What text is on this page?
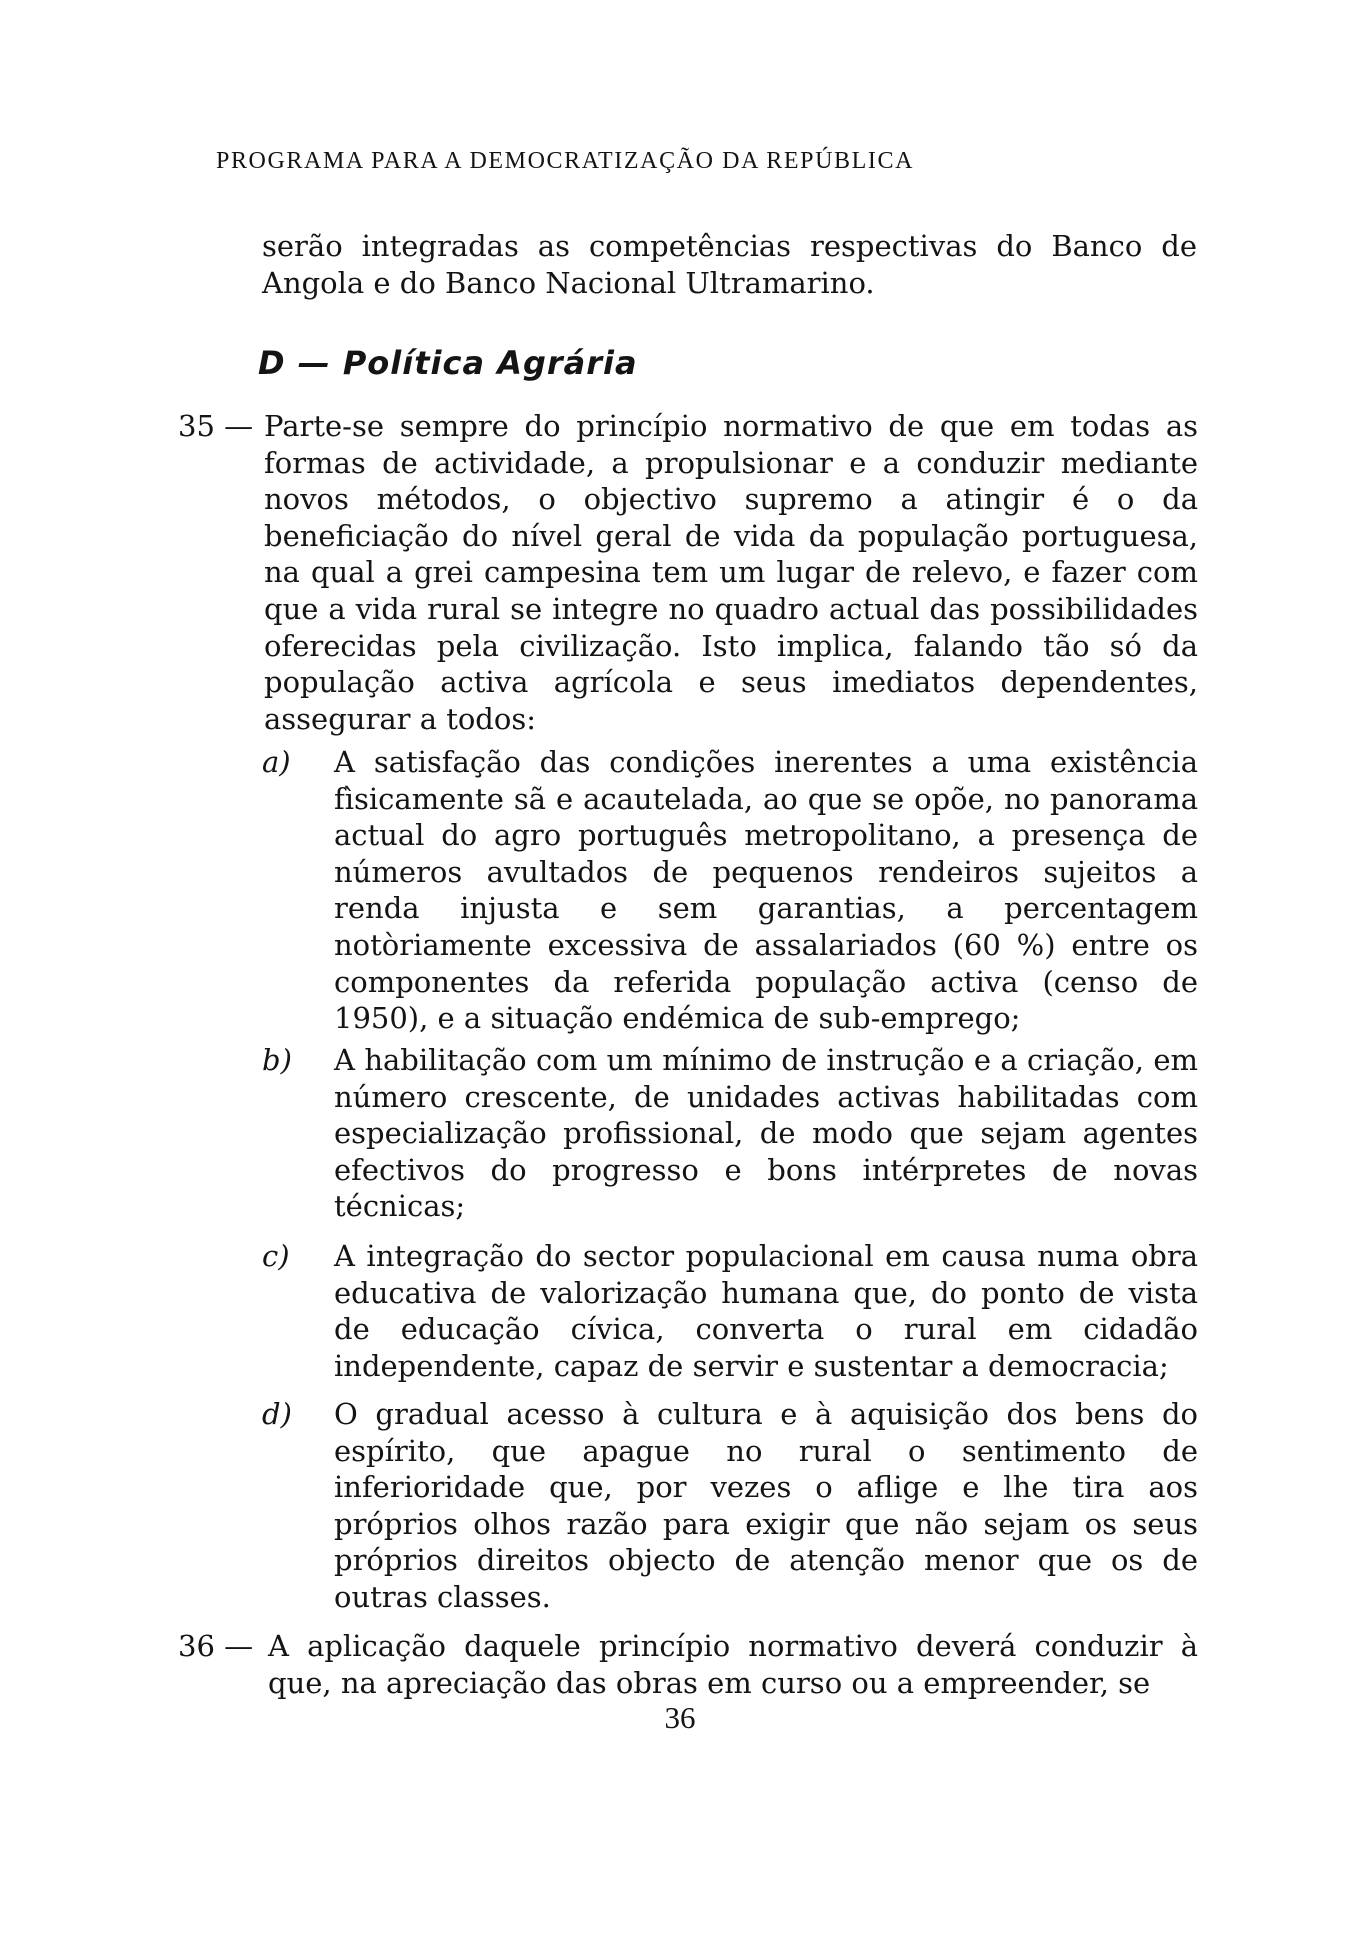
PROGRAMA PARA A DEMOCRATIZAÇÃO DA REPÚBLICA
serão integradas as competências respectivas do Banco de Angola e do Banco Nacional Ultramarino.
D — Política Agrária
35 — Parte-se sempre do princípio normativo de que em todas as formas de actividade, a propulsionar e a conduzir mediante novos métodos, o objectivo supremo a atingir é o da beneficiação do nível geral de vida da população portuguesa, na qual a grei campesina tem um lugar de relevo, e fazer com que a vida rural se integre no quadro actual das possibilidades oferecidas pela civilização. Isto implica, falando tão só da população activa agrícola e seus imediatos dependentes, assegurar a todos:
a)	A satisfação das condições inerentes a uma existência fìsicamente sã e acautelada, ao que se opõe, no panorama actual do agro português metropolitano, a presença de números avultados de pequenos rendeiros sujeitos a renda injusta e sem garantias, a percentagem notòriamente excessiva de assalariados (60 %) entre os componentes da referida população activa (censo de 1950), e a situação endémica de sub-emprego;
b)	A habilitação com um mínimo de instrução e a criação, em número crescente, de unidades activas habilitadas com especialização profissional, de modo que sejam agentes efectivos do progresso e bons intérpretes de novas técnicas;
c)	A integração do sector populacional em causa numa obra educativa de valorização humana que, do ponto de vista de educação cívica, converta o rural em cidadão independente, capaz de servir e sustentar a democracia;
d)	O gradual acesso à cultura e à aquisição dos bens do espírito, que apague no rural o sentimento de inferioridade que, por vezes o aflige e lhe tira aos próprios olhos razão para exigir que não sejam os seus próprios direitos objecto de atenção menor que os de outras classes.
36 — A aplicação daquele princípio normativo deverá conduzir à que, na apreciação das obras em curso ou a empreender, se
36
